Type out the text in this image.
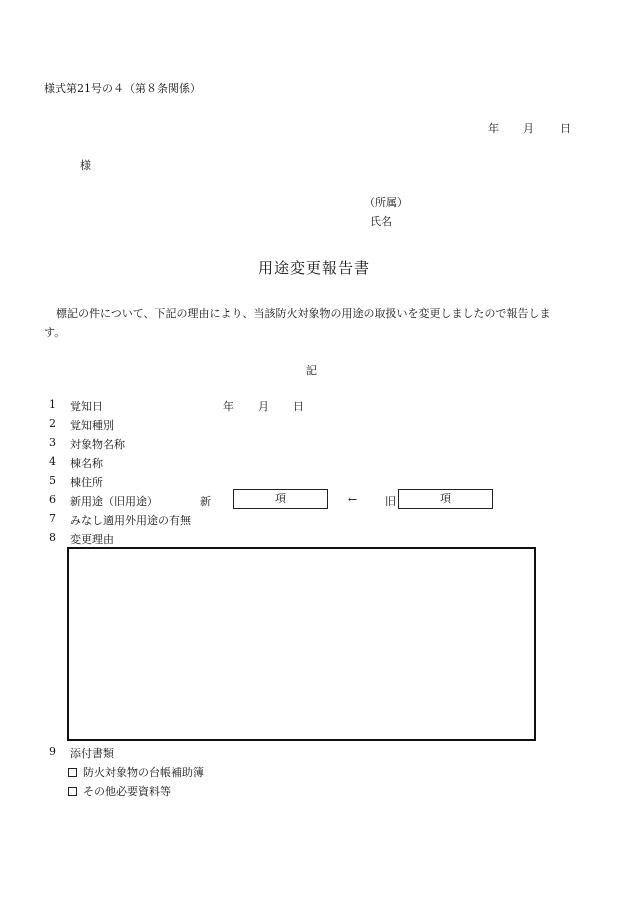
様式第21号の４（第８条関係）
年 月 日
様
（所属）
氏名
用途変更報告書
標記の件について、下記の理由により、当該防火対象物の用途の取扱いを変更しましたので報告しま
す。
記
1 覚知日	年 月 日
2 覚知種別
3 対象物名称
4 棟名称
5 棟住所
6 新用途（旧用途）	新	項	←	旧	項
7 みなし適用外用途の有無
8 変更理由
9 添付書類
防火対象物の台帳補助簿
その他必要資料等
